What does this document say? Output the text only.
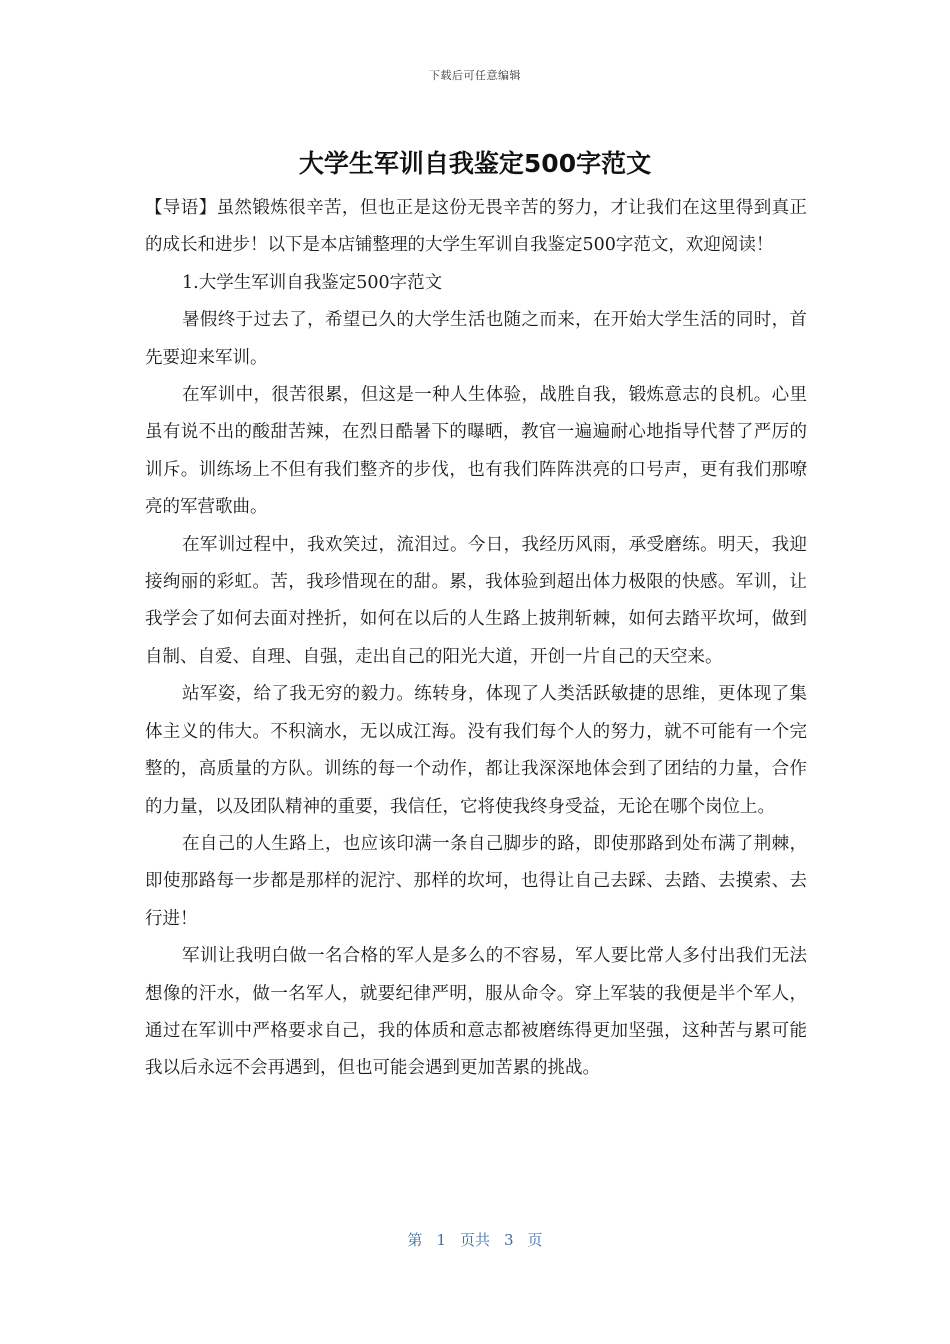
下载后可任意编辑
大学生军训自我鉴定500字范文

【导语】虽然锻炼很辛苦，但也正是这份无畏辛苦的努力，才让我们在这里得到真正的成长和进步！以下是本店铺整理的大学生军训自我鉴定500字范文，欢迎阅读！

1.大学生军训自我鉴定500字范文

暑假终于过去了，希望已久的大学生活也随之而来，在开始大学生活的同时，首先要迎来军训。

在军训中，很苦很累，但这是一种人生体验，战胜自我，锻炼意志的良机。心里虽有说不出的酸甜苦辣，在烈日酷暑下的曝晒，教官一遍遍耐心地指导代替了严厉的训斥。训练场上不但有我们整齐的步伐，也有我们阵阵洪亮的口号声，更有我们那嘹亮的军营歌曲。

在军训过程中，我欢笑过，流泪过。今日，我经历风雨，承受磨练。明天，我迎接绚丽的彩虹。苦，我珍惜现在的甜。累，我体验到超出体力极限的快感。军训，让我学会了如何去面对挫折，如何在以后的人生路上披荆斩棘，如何去踏平坎坷，做到自制、自爱、自理、自强，走出自己的阳光大道，开创一片自己的天空来。

站军姿，给了我无穷的毅力。练转身，体现了人类活跃敏捷的思维，更体现了集体主义的伟大。不积滴水，无以成江海。没有我们每个人的努力，就不可能有一个完整的，高质量的方队。训练的每一个动作，都让我深深地体会到了团结的力量，合作的力量，以及团队精神的重要，我信任，它将使我终身受益，无论在哪个岗位上。

在自己的人生路上，也应该印满一条自己脚步的路，即使那路到处布满了荆棘，即使那路每一步都是那样的泥泞、那样的坎坷，也得让自己去踩、去踏、去摸索、去行进！

军训让我明白做一名合格的军人是多么的不容易，军人要比常人多付出我们无法想像的汗水，做一名军人，就要纪律严明，服从命令。穿上军装的我便是半个军人，通过在军训中严格要求自己，我的体质和意志都被磨练得更加坚强，这种苦与累可能我以后永远不会再遇到，但也可能会遇到更加苦累的挑战。

第 1 页共 3 页
